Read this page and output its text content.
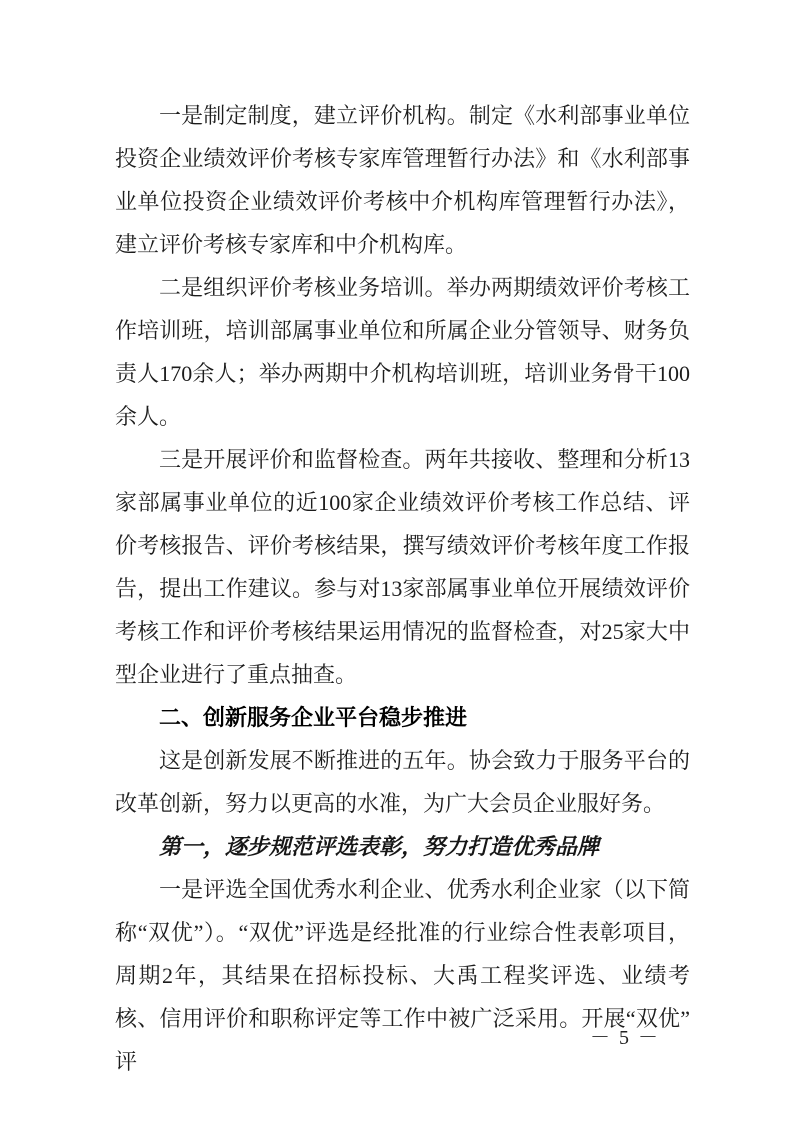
一是制定制度，建立评价机构。制定《水利部事业单位投资企业绩效评价考核专家库管理暂行办法》和《水利部事业单位投资企业绩效评价考核中介机构库管理暂行办法》，建立评价考核专家库和中介机构库。

二是组织评价考核业务培训。举办两期绩效评价考核工作培训班，培训部属事业单位和所属企业分管领导、财务负责人170余人；举办两期中介机构培训班，培训业务骨干100余人。

三是开展评价和监督检查。两年共接收、整理和分析13家部属事业单位的近100家企业绩效评价考核工作总结、评价考核报告、评价考核结果，撰写绩效评价考核年度工作报告，提出工作建议。参与对13家部属事业单位开展绩效评价考核工作和评价考核结果运用情况的监督检查，对25家大中型企业进行了重点抽查。

二、创新服务企业平台稳步推进

这是创新发展不断推进的五年。协会致力于服务平台的改革创新，努力以更高的水准，为广大会员企业服好务。

第一，逐步规范评选表彰，努力打造优秀品牌

一是评选全国优秀水利企业、优秀水利企业家（以下简称“双优”）。“双优”评选是经批准的行业综合性表彰项目，周期2年，其结果在招标投标、大禹工程奖评选、业绩考核、信用评价和职称评定等工作中被广泛采用。开展“双优”评

－ 5 －
